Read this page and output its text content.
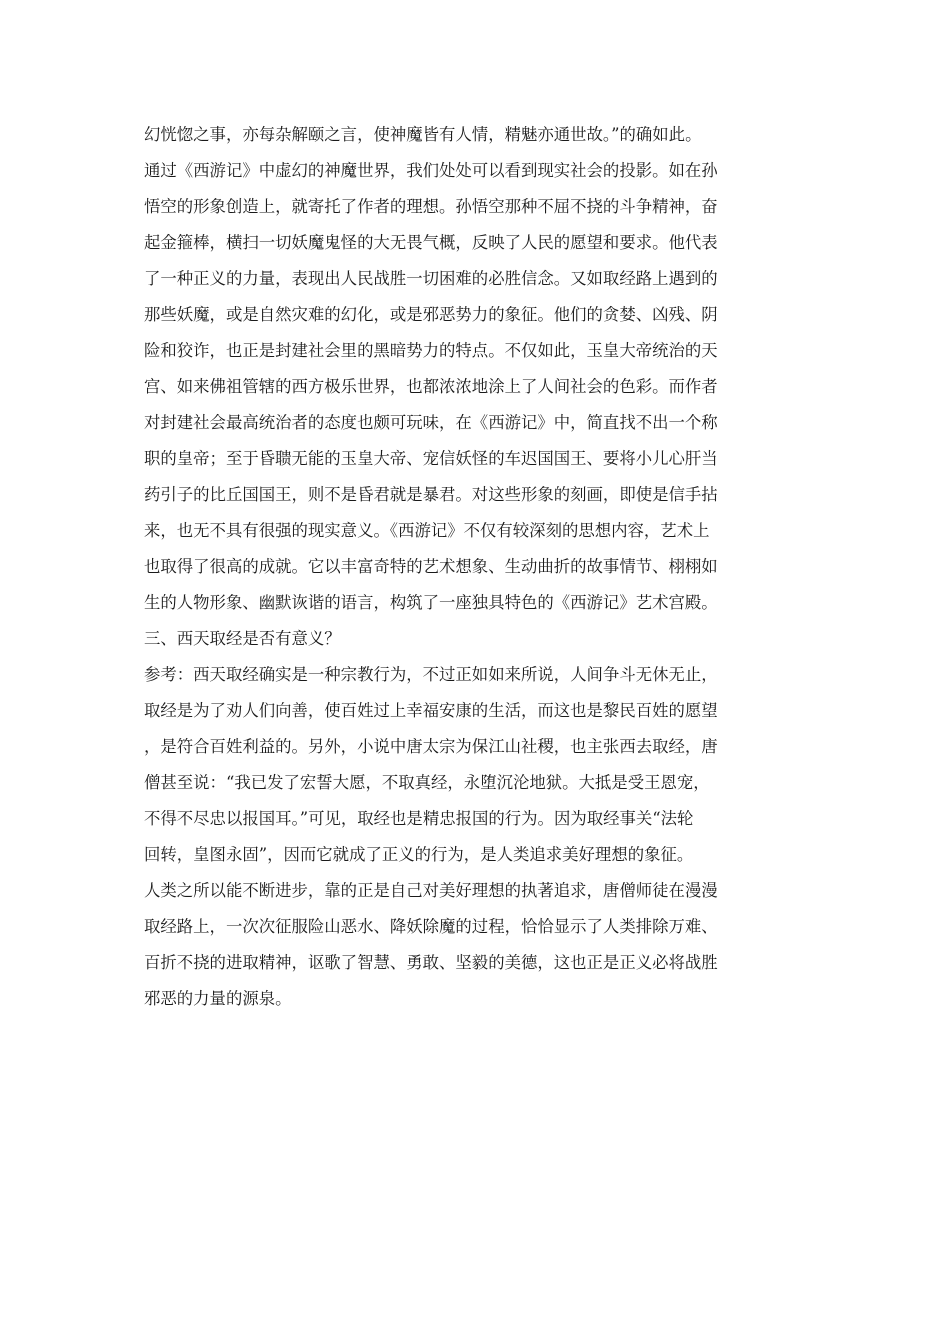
幻恍惚之事，亦每杂解颐之言，使神魔皆有人情，精魅亦通世故。”的确如此。
通过《西游记》中虚幻的神魔世界，我们处处可以看到现实社会的投影。如在孙
悟空的形象创造上，就寄托了作者的理想。孙悟空那种不屈不挠的斗争精神，奋
起金箍棒，横扫一切妖魔鬼怪的大无畏气概，反映了人民的愿望和要求。他代表
了一种正义的力量，表现出人民战胜一切困难的必胜信念。又如取经路上遇到的
那些妖魔，或是自然灾难的幻化，或是邪恶势力的象征。他们的贪婪、凶残、阴
险和狡诈，也正是封建社会里的黑暗势力的特点。不仅如此，玉皇大帝统治的天
宫、如来佛祖管辖的西方极乐世界，也都浓浓地涂上了人间社会的色彩。而作者
对封建社会最高统治者的态度也颇可玩味，在《西游记》中，简直找不出一个称
职的皇帝；至于昏聩无能的玉皇大帝、宠信妖怪的车迟国国王、要将小儿心肝当
药引子的比丘国国王，则不是昏君就是暴君。对这些形象的刻画，即使是信手拈
来，也无不具有很强的现实意义。《西游记》不仅有较深刻的思想内容，艺术上
也取得了很高的成就。它以丰富奇特的艺术想象、生动曲折的故事情节、栩栩如
生的人物形象、幽默诙谐的语言，构筑了一座独具特色的《西游记》艺术宫殿。
三、西天取经是否有意义？
参考：西天取经确实是一种宗教行为，不过正如如来所说，人间争斗无休无止，
取经是为了劝人们向善，使百姓过上幸福安康的生活，而这也是黎民百姓的愿望
，是符合百姓利益的。另外，小说中唐太宗为保江山社稷，也主张西去取经，唐
僧甚至说：“我已发了宏誓大愿，不取真经，永堕沉沦地狱。大抵是受王恩宠，
不得不尽忠以报国耳。”可见，取经也是精忠报国的行为。因为取经事关“法轮
回转，皇图永固”，因而它就成了正义的行为，是人类追求美好理想的象征。
人类之所以能不断进步，靠的正是自己对美好理想的执著追求，唐僧师徒在漫漫
取经路上，一次次征服险山恶水、降妖除魔的过程，恰恰显示了人类排除万难、
百折不挠的进取精神，讴歌了智慧、勇敢、坚毅的美德，这也正是正义必将战胜
邪恶的力量的源泉。
